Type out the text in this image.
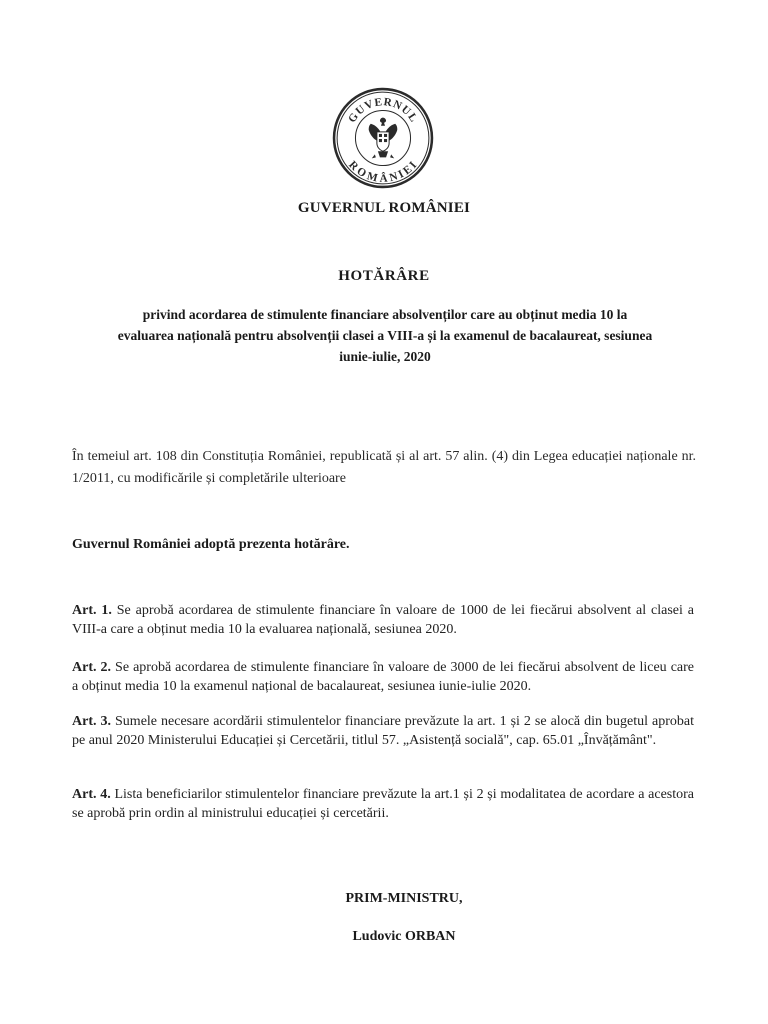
GUVERNUL
ROMÂNIEI
GUVERNUL ROMÂNIEI
HOTĂRÂRE
privind acordarea de stimulente financiare absolvenților care au obținut media 10 la
evaluarea națională pentru absolvenții clasei a VIII-a și la examenul de bacalaureat, sesiunea
iunie-iulie, 2020
În temeiul art. 108 din Constituția României, republicată și al art. 57 alin. (4) din Legea educației naționale nr. 1/2011, cu modificările și completările ulterioare
Guvernul României adoptă prezenta hotărâre.
Art. 1. Se aprobă acordarea de stimulente financiare în valoare de 1000 de lei fiecărui absolvent al clasei a VIII-a care a obținut media 10 la evaluarea națională, sesiunea 2020.
Art. 2. Se aprobă acordarea de stimulente financiare în valoare de 3000 de lei fiecărui absolvent de liceu care a obținut media 10 la examenul național de bacalaureat, sesiunea iunie-iulie 2020.
Art. 3. Sumele necesare acordării stimulentelor financiare prevăzute la art. 1 și 2 se alocă din bugetul aprobat pe anul 2020 Ministerului Educației și Cercetării, titlul 57. „Asistență socială", cap. 65.01 „Învățământ".
Art. 4. Lista beneficiarilor stimulentelor financiare prevăzute la art.1 și 2 și modalitatea de acordare a acestora se aprobă prin ordin al ministrului educației și cercetării.
PRIM-MINISTRU,
Ludovic ORBAN
